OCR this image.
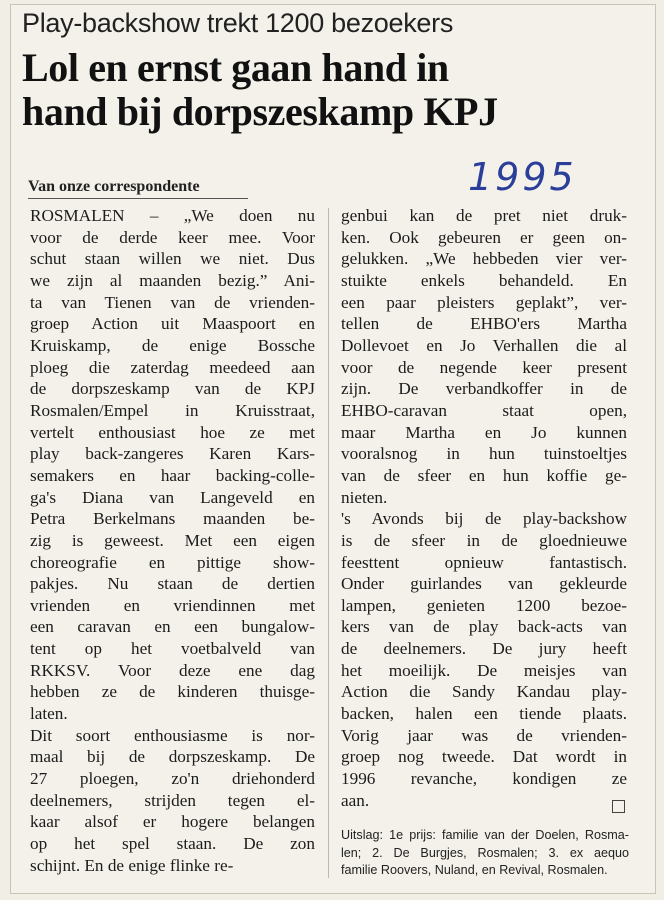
Play-backshow trekt 1200 bezoekers
Lol en ernst gaan hand in
hand bij dorpszeskamp KPJ
1995
Van onze correspondente
ROSMALEN – „We doen nu
voor de derde keer mee. Voor
schut staan willen we niet. Dus
we zijn al maanden bezig.” Ani-
ta van Tienen van de vrienden-
groep Action uit Maaspoort en
Kruiskamp, de enige Bossche
ploeg die zaterdag meedeed aan
de dorpszeskamp van de KPJ
Rosmalen/Empel in Kruisstraat,
vertelt enthousiast hoe ze met
play back-zangeres Karen Kars-
semakers en haar backing-colle-
ga's Diana van Langeveld en
Petra Berkelmans maanden be-
zig is geweest. Met een eigen
choreografie en pittige show-
pakjes. Nu staan de dertien
vrienden en vriendinnen met
een caravan en een bungalow-
tent op het voetbalveld van
RKKSV. Voor deze ene dag
hebben ze de kinderen thuisge-
laten.
Dit soort enthousiasme is nor-
maal bij de dorpszeskamp. De
27 ploegen, zo'n driehonderd
deelnemers, strijden tegen el-
kaar alsof er hogere belangen
op het spel staan. De zon
schijnt. En de enige flinke re-
genbui kan de pret niet druk-
ken. Ook gebeuren er geen on-
gelukken. „We hebbeden vier ver-
stuikte enkels behandeld. En
een paar pleisters geplakt”, ver-
tellen de EHBO'ers Martha
Dollevoet en Jo Verhallen die al
voor de negende keer present
zijn. De verbandkoffer in de
EHBO-caravan staat open,
maar Martha en Jo kunnen
vooralsnog in hun tuinstoeltjes
van de sfeer en hun koffie ge-
nieten.
's Avonds bij de play-backshow
is de sfeer in de gloednieuwe
feesttent opnieuw fantastisch.
Onder guirlandes van gekleurde
lampen, genieten 1200 bezoe-
kers van de play back-acts van
de deelnemers. De jury heeft
het moeilijk. De meisjes van
Action die Sandy Kandau play-
backen, halen een tiende plaats.
Vorig jaar was de vrienden-
groep nog tweede. Dat wordt in
1996 revanche, kondigen ze
aan.
Uitslag: 1e prijs: familie van der Doelen, Rosma-
len; 2. De Burgjes, Rosmalen; 3. ex aequo
familie Roovers, Nuland, en Revival, Rosmalen.
